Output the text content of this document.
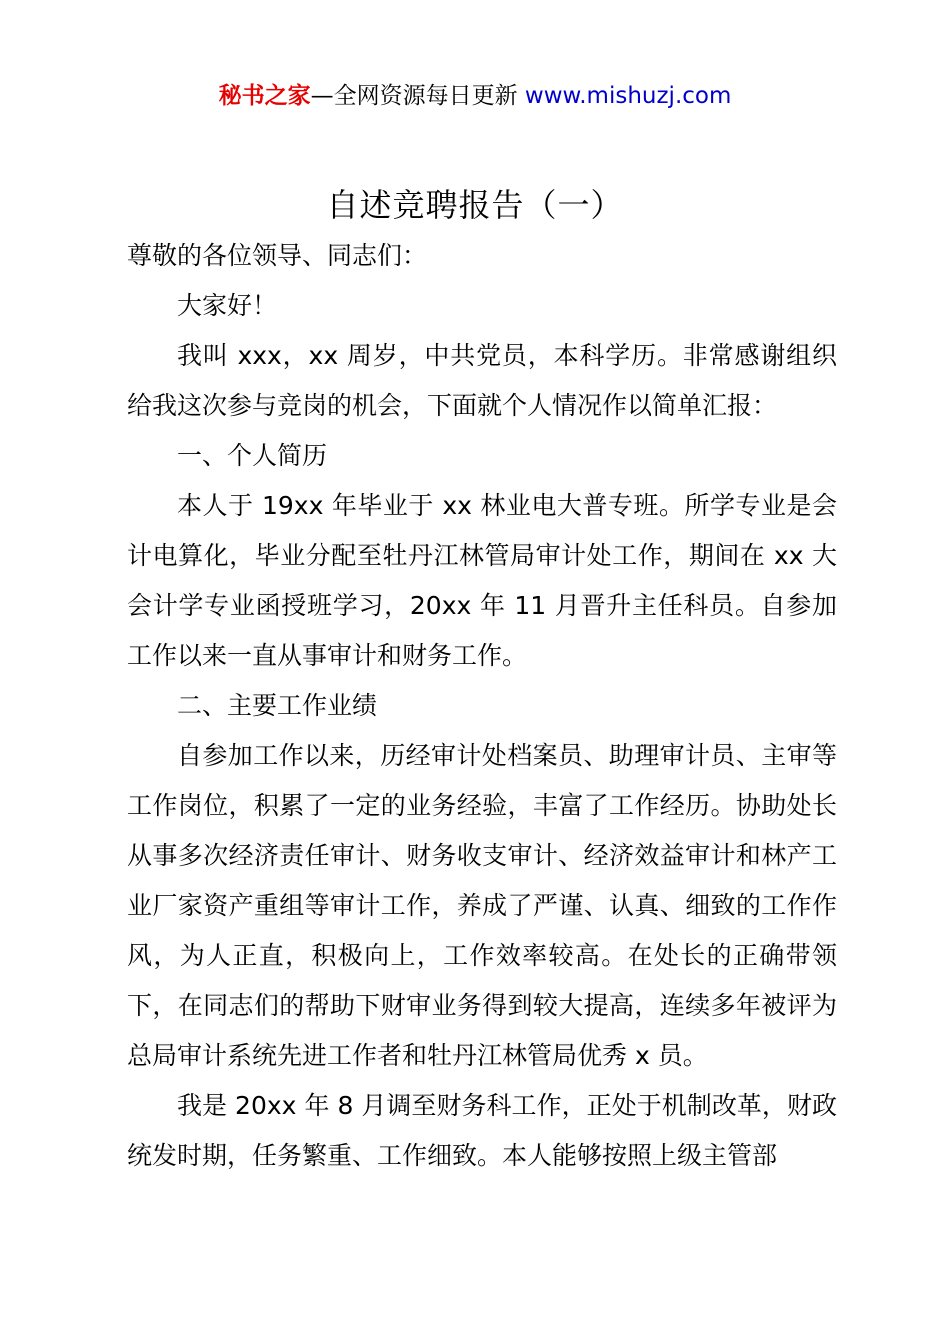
秘书之家—全网资源每日更新 www.mishuzj.com
自述竞聘报告（一）

尊敬的各位领导、同志们：

大家好！

我叫 xxx，xx 周岁，中共党员，本科学历。非常感谢组织给我这次参与竞岗的机会，下面就个人情况作以简单汇报：

一、个人简历

本人于 19xx 年毕业于 xx 林业电大普专班。所学专业是会计电算化，毕业分配至牡丹江林管局审计处工作，期间在 xx 大会计学专业函授班学习，20xx 年 11 月晋升主任科员。自参加工作以来一直从事审计和财务工作。

二、主要工作业绩

自参加工作以来，历经审计处档案员、助理审计员、主审等工作岗位，积累了一定的业务经验，丰富了工作经历。协助处长从事多次经济责任审计、财务收支审计、经济效益审计和林产工业厂家资产重组等审计工作，养成了严谨、认真、细致的工作作风，为人正直，积极向上，工作效率较高。在处长的正确带领下，在同志们的帮助下财审业务得到较大提高，连续多年被评为总局审计系统先进工作者和牡丹江林管局优秀 x 员。

我是 20xx 年 8 月调至财务科工作，正处于机制改革，财政统发时期，任务繁重、工作细致。本人能够按照上级主管部
